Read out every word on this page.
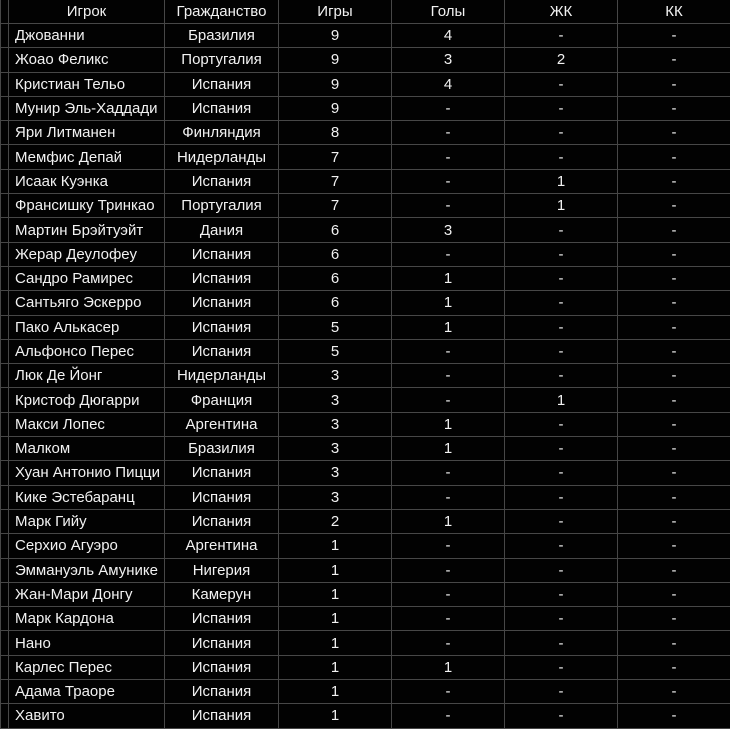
	Игрок	Гражданство	Игры	Голы	ЖК	КК
	Джованни	Бразилия	9	4	-	-
	Жоао Феликс	Португалия	9	3	2	-
	Кристиан Тельо	Испания	9	4	-	-
	Мунир Эль-Хаддади	Испания	9	-	-	-
	Яри Литманен	Финляндия	8	-	-	-
	Мемфис Депай	Нидерланды	7	-	-	-
	Исаак Куэнка	Испания	7	-	1	-
	Франсишку Тринкао	Португалия	7	-	1	-
	Мартин Брэйтуэйт	Дания	6	3	-	-
	Жерар Деулофеу	Испания	6	-	-	-
	Сандро Рамирес	Испания	6	1	-	-
	Сантьяго Эскерро	Испания	6	1	-	-
	Пако Алькасер	Испания	5	1	-	-
	Альфонсо Перес	Испания	5	-	-	-
	Люк Де Йонг	Нидерланды	3	-	-	-
	Кристоф Дюгарри	Франция	3	-	1	-
	Макси Лопес	Аргентина	3	1	-	-
	Малком	Бразилия	3	1	-	-
	Хуан Антонио Пицци	Испания	3	-	-	-
	Кике Эстебаранц	Испания	3	-	-	-
	Марк Гийу	Испания	2	1	-	-
	Серхио Агуэро	Аргентина	1	-	-	-
	Эммануэль Амунике	Нигерия	1	-	-	-
	Жан-Мари Донгу	Камерун	1	-	-	-
	Марк Кардона	Испания	1	-	-	-
	Нано	Испания	1	-	-	-
	Карлес Перес	Испания	1	1	-	-
	Адама Траоре	Испания	1	-	-	-
	Хавито	Испания	1	-	-	-
